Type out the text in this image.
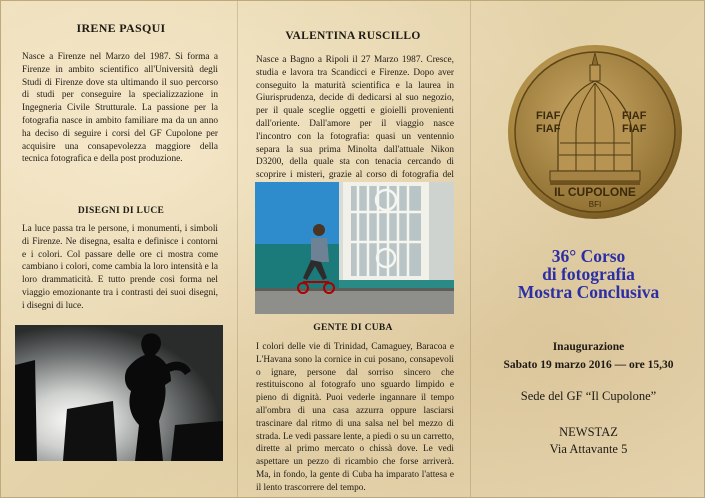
IRENE PASQUI

Nasce a Firenze nel Marzo del 1987. Si forma a Firenze in ambito scientifico all'Università degli Studi di Firenze dove sta ultimando il suo percorso di studi per conseguire la specializzazione in Ingegneria Civile Strutturale. La passione per la fotografia nasce in ambito familiare ma da un anno ha deciso di seguire i corsi del GF Cupolone per acquisire una consapevolezza maggiore della tecnica fotografica e della post produzione.

DISEGNI DI LUCE

La luce passa tra le persone, i monumenti, i simboli di Firenze. Ne disegna, esalta e definisce i contorni e i colori. Col passare delle ore ci mostra come cambiano i colori, come cambia la loro intensità e la loro drammaticità. E tutto prende così forma nel viaggio emozionante tra i contrasti dei suoi disegni, i disegni di luce.

VALENTINA RUSCILLO

Nasce a Bagno a Ripoli il 27 Marzo 1987. Cresce, studia e lavora tra Scandicci e Firenze. Dopo aver conseguito la maturità scientifica e la laurea in Giurisprudenza, decide di dedicarsi al suo negozio, per il quale sceglie oggetti e gioielli provenienti dall'oriente. Dall'amore per il viaggio nasce l'incontro con la fotografia: quasi un ventennio separa la sua prima Minolta dall'attuale Nikon D3200, della quale sta con tenacia cercando di scoprire i misteri, grazie al corso di fotografia del

GENTE DI CUBA

I colori delle vie di Trinidad, Camaguey, Baracoa e L'Havana sono la cornice in cui posano, consapevoli o ignare, persone dal sorriso sincero che restituiscono al fotografo uno sguardo limpido e pieno di dignità. Puoi vederle ingannare il tempo all'ombra di una casa azzurra oppure lasciarsi trascinare dal ritmo di una salsa nel bel mezzo di strada. Le vedi passare lente, a piedi o su un carretto, dirette al primo mercato o chissà dove. Le vedi aspettare un pezzo di ricambio che forse arriverà. Ma, in fondo, la gente di Cuba ha imparato l'attesa e il lento trascorrere del tempo.

FIAF
FIAF
FIAF
FIAF
IL CUPOLONE
BFI
36° Corso
di fotografia
Mostra Conclusiva
Inaugurazione
Sabato 19 marzo 2016 — ore 15,30
Sede del GF “Il Cupolone”
NEWSTAZ
Via Attavante 5
